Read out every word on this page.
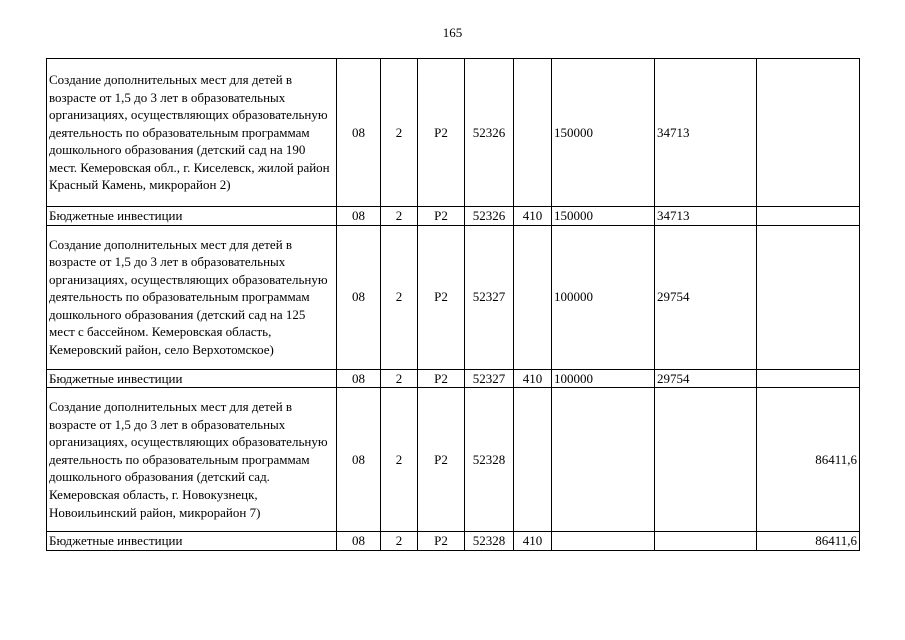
165
Создание дополнительных мест для детей в возрасте от 1,5 до 3 лет в образовательных организациях, осуществляющих образовательную деятельность по образовательным программам дошкольного образования (детский сад на 190 мест. Кемеровская обл., г. Киселевск, жилой район Красный Камень, микрорайон 2)	08	2	P2	52326		150000	34713	
Бюджетные инвестиции	08	2	P2	52326	410	150000	34713	
Создание дополнительных мест для детей в возрасте от 1,5 до 3 лет в образовательных организациях, осуществляющих образовательную деятельность по образовательным программам дошкольного образования (детский сад на 125 мест с бассейном. Кемеровская область, Кемеровский район, село Верхотомское)	08	2	P2	52327		100000	29754	
Бюджетные инвестиции	08	2	P2	52327	410	100000	29754	
Создание дополнительных мест для детей в возрасте от 1,5 до 3 лет в образовательных организациях, осуществляющих образовательную деятельность по образовательным программам дошкольного образования (детский сад. Кемеровская область, г. Новокузнецк, Новоильинский район, микрорайон 7)	08	2	P2	52328				86411,6
Бюджетные инвестиции	08	2	P2	52328	410			86411,6
